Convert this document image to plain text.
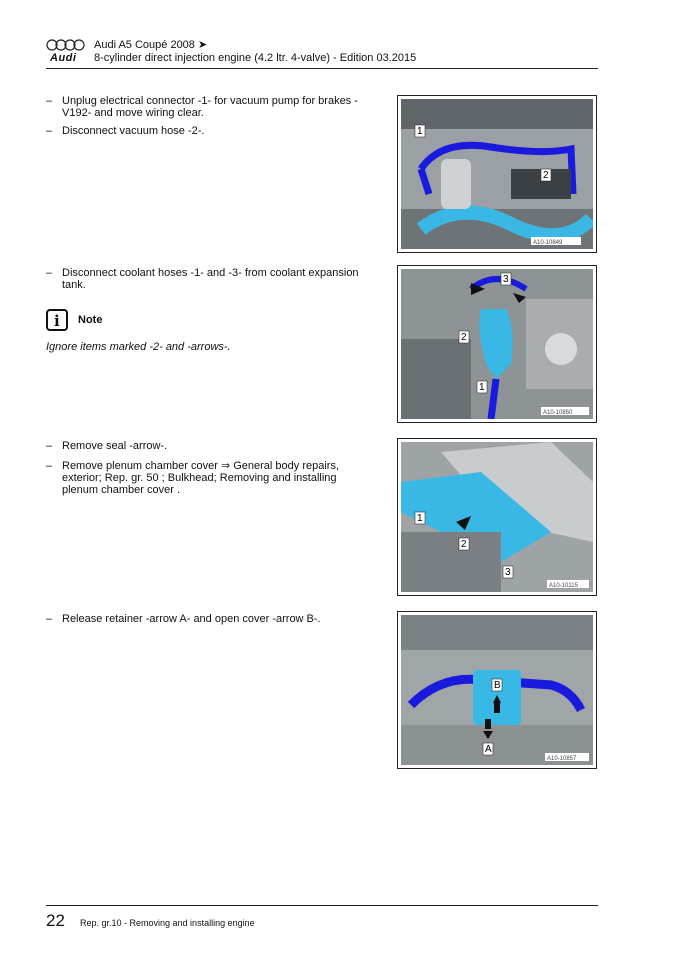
Audi
Audi A5 Coupé 2008 ➤
8-cylinder direct injection engine (4.2 ltr. 4-valve) - Edition 03.2015
– Unplug electrical connector -1- for vacuum pump for brakes - V192- and move wiring clear.
– Disconnect vacuum hose -2-.
– Disconnect coolant hoses -1- and -3- from coolant expansion tank.
i Note
Ignore items marked -2- and -arrows-.
– Remove seal -arrow-.
– Remove plenum chamber cover ⇒ General body repairs, exterior; Rep. gr. 50 ; Bulkhead; Removing and installing plenum chamber cover .
– Release retainer -arrow A- and open cover -arrow B-.
A10-10849
1
2
A10-10850
3
2
1
A10-10115
1
2
3
A10-10857
B
A
22 Rep. gr.10 - Removing and installing engine
